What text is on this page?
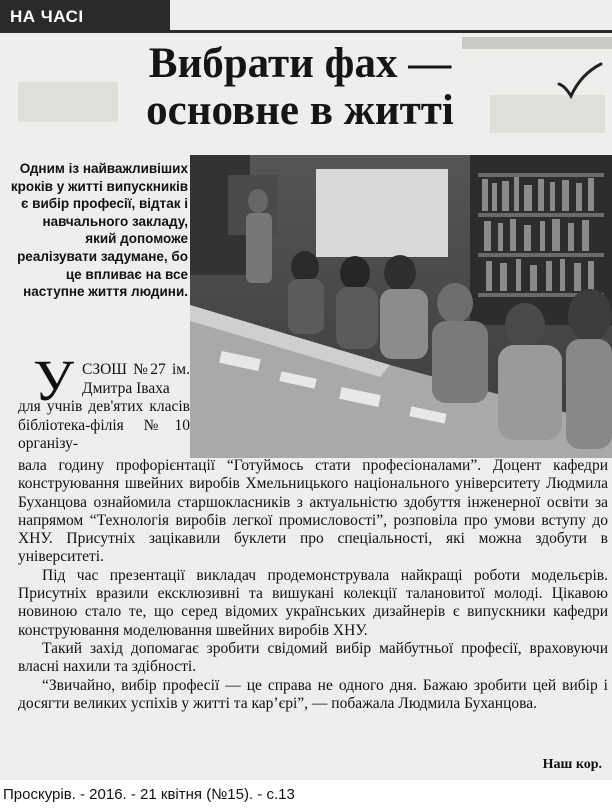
НА ЧАСІ
Вибрати фах —
основне в житті
Одним із найважливіших кроків у житті випускників є вибір професії, відтак і навчального закладу, який допоможе реалізувати задумане, бо це впливає на все наступне життя людини.
У СЗОШ №27 ім. Дмитра Іваха
для учнів дев'ятих класів бібліотека-філія №10 організу-

вала годину профорієнтації “Готуймось стати професіоналами”. Доцент кафедри конструювання швейних виробів Хмельницького національного університету Людмила Буханцова ознайомила старшокласників з актуальністю здобуття інженерної освіти за напрямом “Технологія виробів легкої промисловості”, розповіла про умови вступу до ХНУ. Присутніх зацікавили буклети про спеціальності, які можна здобути в університеті.

Під час презентації викладач продемонструвала найкращі роботи модельєрів. Присутніх вразили ексклюзивні та вишукані колекції талановитої молоді. Цікавою новиною стало те, що серед відомих українських дизайнерів є випускники кафедри конструювання моделювання швейних виробів ХНУ.

Такий захід допомагає зробити свідомий вибір майбутньої професії, враховуючи власні нахили та здібності.

“Звичайно, вибір професії — це справа не одного дня. Бажаю зробити цей вибір і досягти великих успіхів у житті та кар’єрі”, — побажала Людмила Буханцова.

Наш кор.
Проскурів. - 2016. - 21 квітня (№15). - с.13
